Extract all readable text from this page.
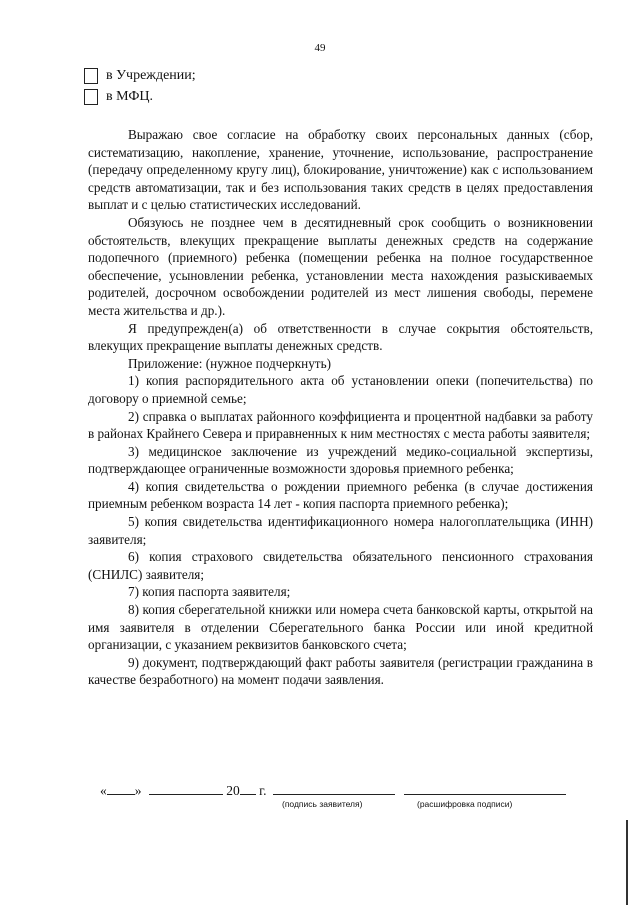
49
в Учреждении;
в МФЦ.

Выражаю свое согласие на обработку своих персональных данных (сбор, систематизацию, накопление, хранение, уточнение, использование, распространение (передачу определенному кругу лиц), блокирование, уничтожение) как с использованием средств автоматизации, так и без использования таких средств в целях предоставления выплат и с целью статистических исследований.

Обязуюсь не позднее чем в десятидневный срок сообщить о возникновении обстоятельств, влекущих прекращение выплаты денежных средств на содержание подопечного (приемного) ребенка (помещении ребенка на полное государственное обеспечение, усыновлении ребенка, установлении места нахождения разыскиваемых родителей, досрочном освобождении родителей из мест лишения свободы, перемене места жительства и др.).

Я предупрежден(а) об ответственности в случае сокрытия обстоятельств, влекущих прекращение выплаты денежных средств.

Приложение: (нужное подчеркнуть)

1) копия распорядительного акта об установлении опеки (попечительства) по договору о приемной семье;

2) справка о выплатах районного коэффициента и процентной надбавки за работу в районах Крайнего Севера и приравненных к ним местностях с места работы заявителя;

3) медицинское заключение из учреждений медико-социальной экспертизы, подтверждающее ограниченные возможности здоровья приемного ребенка;

4) копия свидетельства о рождении приемного ребенка (в случае достижения приемным ребенком возраста 14 лет - копия паспорта приемного ребенка);

5) копия свидетельства идентификационного номера налогоплательщика (ИНН) заявителя;

6) копия страхового свидетельства обязательного пенсионного страхования (СНИЛС) заявителя;

7) копия паспорта заявителя;

8) копия сберегательной книжки или номера счета банковской карты, открытой на имя заявителя в отделении Сберегательного банка России или иной кредитной организации, с указанием реквизитов банковского счета;

9) документ, подтверждающий факт работы заявителя (регистрации гражданина в качестве безработного) на момент подачи заявления.

« »	20 г.
(подпись заявителя)	(расшифровка подписи)
